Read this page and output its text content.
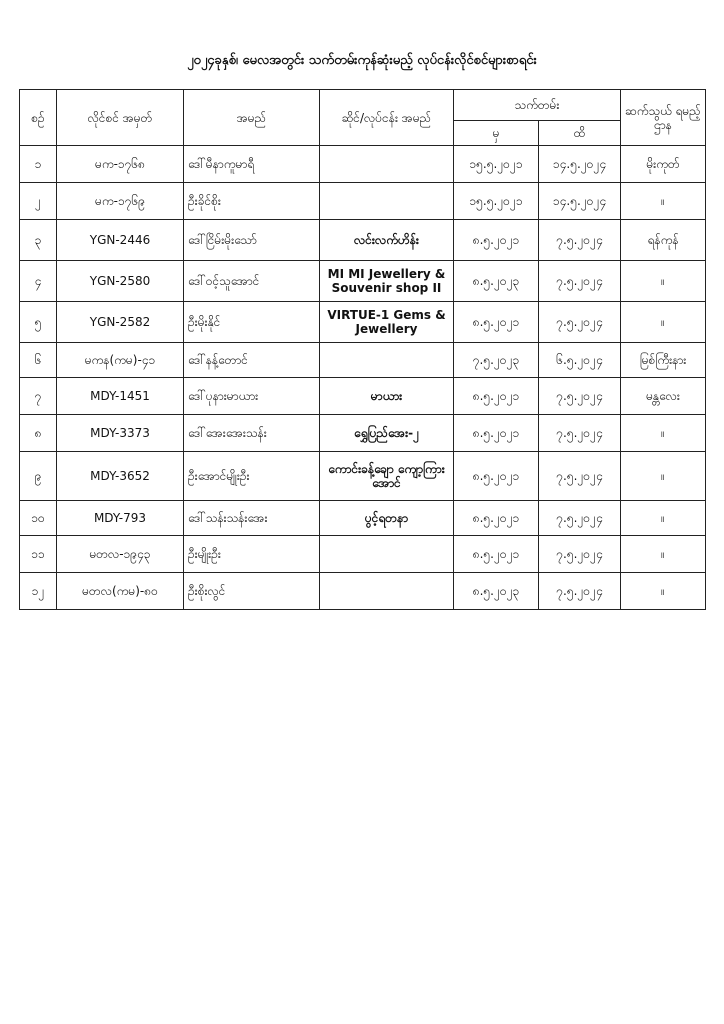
၂၀၂၄ခုနှစ်၊ မေလအတွင်း သက်တမ်းကုန်ဆုံးမည့် လုပ်ငန်းလိုင်စင်များစာရင်း
စဉ်	လိုင်စင် အမှတ်	အမည်	ဆိုင်/လုပ်ငန်း အမည်	သက်တမ်း		ဆက်သွယ် ရမည့်ဌာန
				မှ	ထိ	
၁	မက-၁၇၆၈	ဒေါ်မီနာကူမာရီ		၁၅.၅.၂၀၂၁	၁၄.၅.၂၀၂၄	မိုးကုတ်
၂	မက-၁၇၆၉	ဦးခိုင်စိုး		၁၅.၅.၂၀၂၁	၁၄.၅.၂၀၂၄	။
၃	YGN-2446	ဒေါ်ငြိမ်းမိုးသော်	လင်းလက်ဟိန်း	၈.၅.၂၀၂၁	၇.၅.၂၀၂၄	ရန်ကုန်
၄	YGN-2580	ဒေါ်ဝင့်သူအောင်	MI MI Jewellery & Souvenir shop II	၈.၅.၂၀၂၃	၇.၅.၂၀၂၄	။
၅	YGN-2582	ဦးမိုးနိုင်	VIRTUE-1 Gems & Jewellery	၈.၅.၂၀၂၁	၇.၅.၂၀၂၄	။
၆	မကန(ကမ)-၄၁	ဒေါ်နန့်တောင်		၇.၅.၂၀၂၃	၆.၅.၂၀၂၄	မြစ်ကြီးနား
၇	MDY-1451	ဒေါ်ပုနားမာယား	မာယား	၈.၅.၂၀၂၁	၇.၅.၂၀၂၄	မန္တလေး
၈	MDY-3373	ဒေါ်အေးအေးသန်း	ရွှေပြည်အေး-၂	၈.၅.၂၀၂၁	၇.၅.၂၀၂၄	။
၉	MDY-3652	ဦးအောင်မျိုးဦး	ကောင်းခန့်ချော ကျော့ကြားအောင်	၈.၅.၂၀၂၁	၇.၅.၂၀၂၄	။
၁၀	MDY-793	ဒေါ်သန်းသန်းအေး	ပွင့်ရတနာ	၈.၅.၂၀၂၁	၇.၅.၂၀၂၄	။
၁၁	မတလ-၁၉၄၃	ဦးမျိုးဦး		၈.၅.၂၀၂၁	၇.၅.၂၀၂၄	။
၁၂	မတလ(ကမ)-၈၀	ဦးစိုးလွင်		၈.၅.၂၀၂၃	၇.၅.၂၀၂၄	။
